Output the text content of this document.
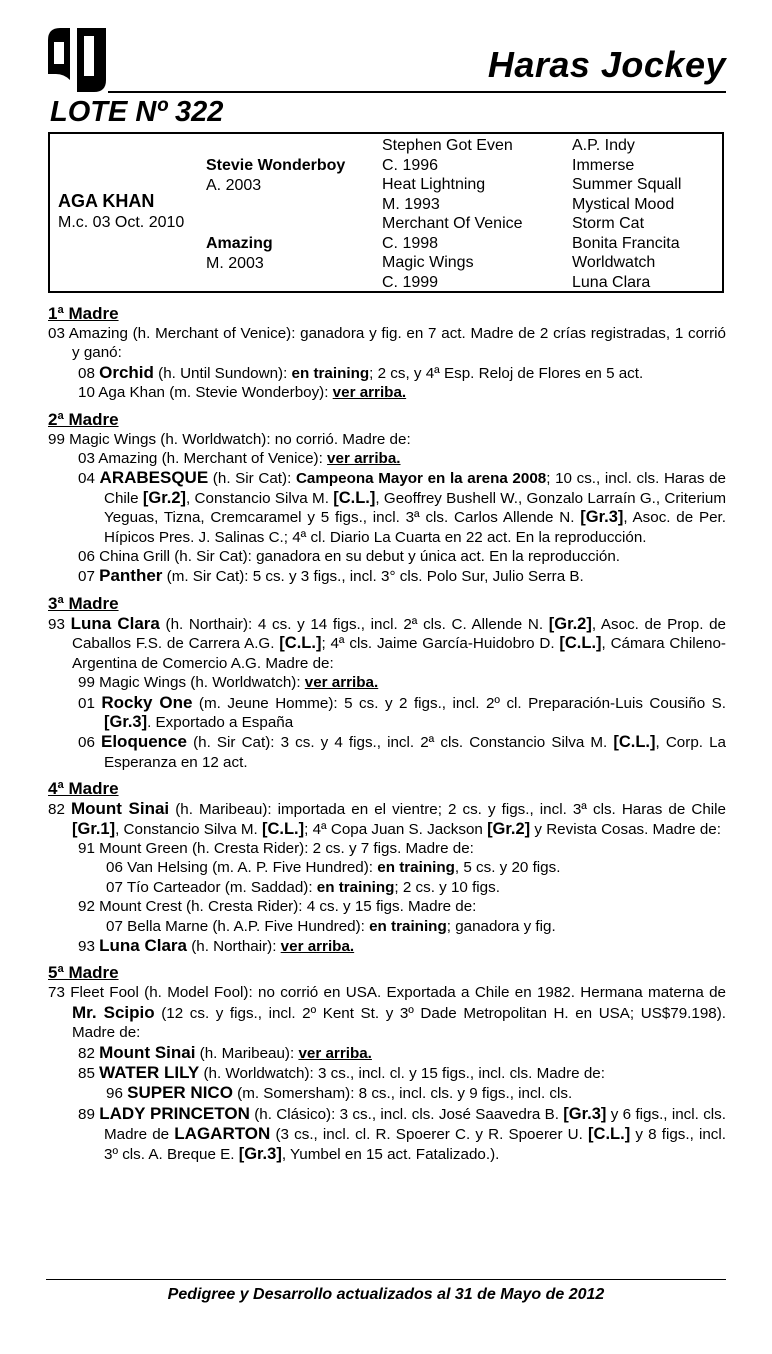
Haras Jockey
LOTE Nº 322
AGA KHAN
M.c. 03 Oct. 2010
Stevie Wonderboy
A. 2003
Amazing
M. 2003
Stephen Got Even
C. 1996
Heat Lightning
M. 1993
Merchant Of Venice
C. 1998
Magic Wings
C. 1999
A.P. Indy
Immerse
Summer Squall
Mystical Mood
Storm Cat
Bonita Francita
Worldwatch
Luna Clara
1ª Madre

03 Amazing (h. Merchant of Venice): ganadora y fig. en 7 act. Madre de 2 crías registradas, 1 corrió y ganó:

08 Orchid (h. Until Sundown): en training; 2 cs, y 4ª Esp. Reloj de Flores en 5 act.

10 Aga Khan (m. Stevie Wonderboy): ver arriba.

2ª Madre

99 Magic Wings (h. Worldwatch): no corrió. Madre de:

03 Amazing (h. Merchant of Venice): ver arriba.

04 ARABESQUE (h. Sir Cat): Campeona Mayor en la arena 2008; 10 cs., incl. cls. Haras de Chile [Gr.2], Constancio Silva M. [C.L.], Geoffrey Bushell W., Gonzalo Larraín G., Criterium Yeguas, Tizna, Cremcaramel y 5 figs., incl. 3ª cls. Carlos Allende N. [Gr.3], Asoc. de Per. Hípicos Pres. J. Salinas C.; 4ª cl. Diario La Cuarta en 22 act. En la reproducción.

06 China Grill (h. Sir Cat): ganadora en su debut y única act. En la reproducción.

07 Panther (m. Sir Cat): 5 cs. y 3 figs., incl. 3° cls. Polo Sur, Julio Serra B.

3ª Madre

93 Luna Clara (h. Northair): 4 cs. y 14 figs., incl. 2ª cls. C. Allende N. [Gr.2], Asoc. de Prop. de Caballos F.S. de Carrera A.G. [C.L.]; 4ª cls. Jaime García-Huidobro D. [C.L.], Cámara Chileno-Argentina de Comercio A.G. Madre de:

99 Magic Wings (h. Worldwatch): ver arriba.

01 Rocky One (m. Jeune Homme): 5 cs. y 2 figs., incl. 2º cl. Preparación-Luis Cousiño S. [Gr.3]. Exportado a España

06 Eloquence (h. Sir Cat): 3 cs. y 4 figs., incl. 2ª cls. Constancio Silva M. [C.L.], Corp. La Esperanza en 12 act.

4ª Madre

82 Mount Sinai (h. Maribeau): importada en el vientre; 2 cs. y figs., incl. 3ª cls. Haras de Chile [Gr.1], Constancio Silva M. [C.L.]; 4ª Copa Juan S. Jackson [Gr.2] y Revista Cosas. Madre de:

91 Mount Green (h. Cresta Rider): 2 cs. y 7 figs. Madre de:

06 Van Helsing (m. A. P. Five Hundred): en training, 5 cs. y 20 figs.

07 Tío Carteador (m. Saddad): en training; 2 cs. y 10 figs.

92 Mount Crest (h. Cresta Rider): 4 cs. y 15 figs. Madre de:

07 Bella Marne (h. A.P. Five Hundred): en training; ganadora y fig.

93 Luna Clara (h. Northair): ver arriba.

5ª Madre

73 Fleet Fool (h. Model Fool): no corrió en USA. Exportada a Chile en 1982. Hermana materna de Mr. Scipio (12 cs. y figs., incl. 2º Kent St. y 3º Dade Metropolitan H. en USA; US$79.198). Madre de:

82 Mount Sinai (h. Maribeau): ver arriba.

85 WATER LILY (h. Worldwatch): 3 cs., incl. cl. y 15 figs., incl. cls. Madre de:

96 SUPER NICO (m. Somersham): 8 cs., incl. cls. y 9 figs., incl. cls.

89 LADY PRINCETON (h. Clásico): 3 cs., incl. cls. José Saavedra B. [Gr.3] y 6 figs., incl. cls. Madre de LAGARTON (3 cs., incl. cl. R. Spoerer C. y R. Spoerer U. [C.L.] y 8 figs., incl. 3º cls. A. Breque E. [Gr.3], Yumbel en 15 act. Fatalizado.).

Pedigree y Desarrollo actualizados al 31 de Mayo de 2012
